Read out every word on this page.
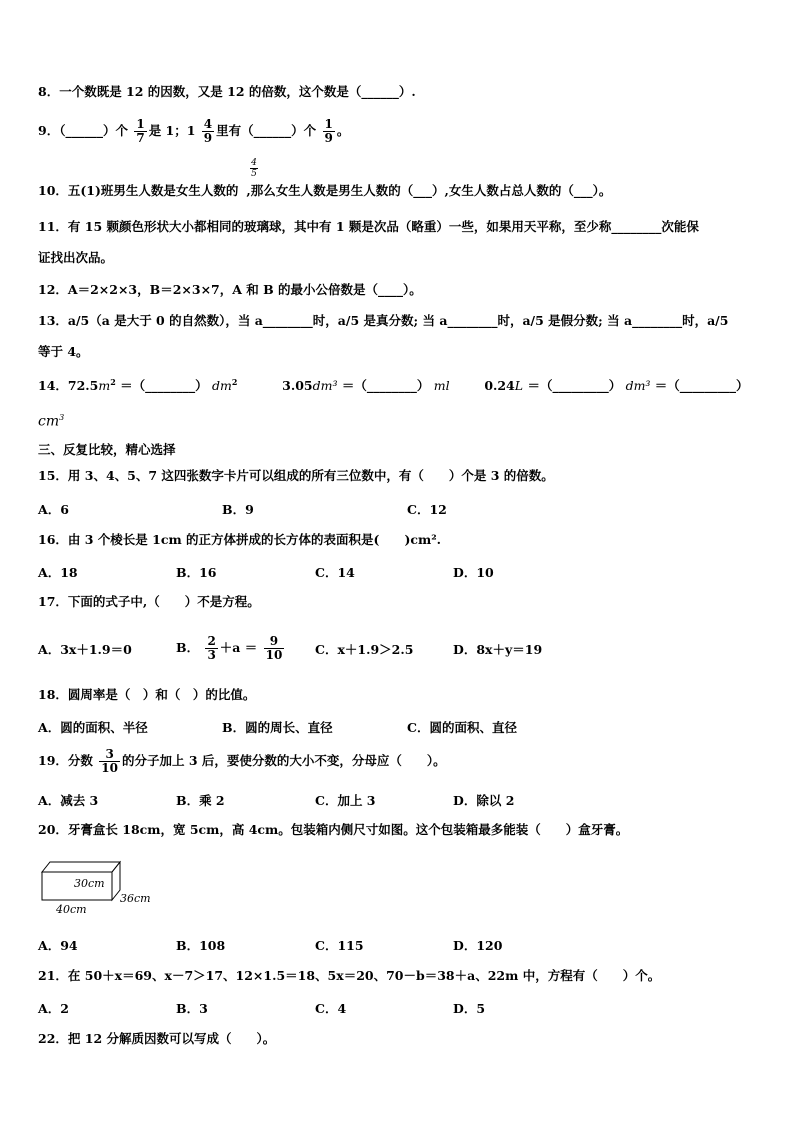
8．一个数既是 12 的因数，又是 12 的倍数，这个数是（______）.
9．（______）个 $\frac{1}{7}$ 是 1；$1 \frac{4}{9}$ 里有（______）个 $\frac{1}{9}$ 。
$\frac{4}{5}$
10．五(1)班男生人数是女生人数的 ,那么女生人数是男生人数的（___）,女生人数占总人数的（___）。
11．有 15 颗颜色形状大小都相同的玻璃球，其中有 1 颗是次品（略重）一些，如果用天平称，至少称________次能保
证找出次品。
12．A＝2×2×3，B＝2×3×7，A 和 B 的最小公倍数是（____）。
13．a/5（a 是大于 0 的自然数），当 a________时，a/5 是真分数; 当 a________时，a/5 是假分数; 当 a________时，a/5
等于 4。
14．$72.5m^2$ ＝（________） $dm^2$	3.05dm³ ＝（________） ml	0.24L ＝（_________） dm³ ＝（_________）
$cm^3$
三、反复比较，精心选择
15．用 3、4、5、7 这四张数字卡片可以组成的所有三位数中，有（　　）个是 3 的倍数。
A．6	B．9	C．12
16．由 3 个棱长是 1cm 的正方体拼成的长方体的表面积是(　　)cm².
A．18	B．16	C．14	D．10
17．下面的式子中,（　　）不是方程。
A．3x＋1.9＝0	B． $\frac{2}{3} +a = \frac{9}{10}$ C．x＋1.9＞2.5	D．8x＋y＝19
18．圆周率是（　）和（　）的比值。
A．圆的面积、半径	B．圆的周长、直径	C．圆的面积、直径
19．分数 $\frac{3}{10}$ 的分子加上 3 后，要使分数的大小不变，分母应（　　）。
A．减去 3	B．乘 2	C．加上 3	D．除以 2
20．牙膏盒长 18cm，宽 5cm，高 4cm。包装箱内侧尺寸如图。这个包装箱最多能装（　　）盒牙膏。
30cm
40cm
36cm
A．94	B．108	C．115	D．120
21．在 50＋x＝69、x－7＞17、12×1.5＝18、5x＝20、70－b＝38＋a、22m 中，方程有（　　）个。
A．2	B．3	C．4	D．5
22．把 12 分解质因数可以写成（　　）。
